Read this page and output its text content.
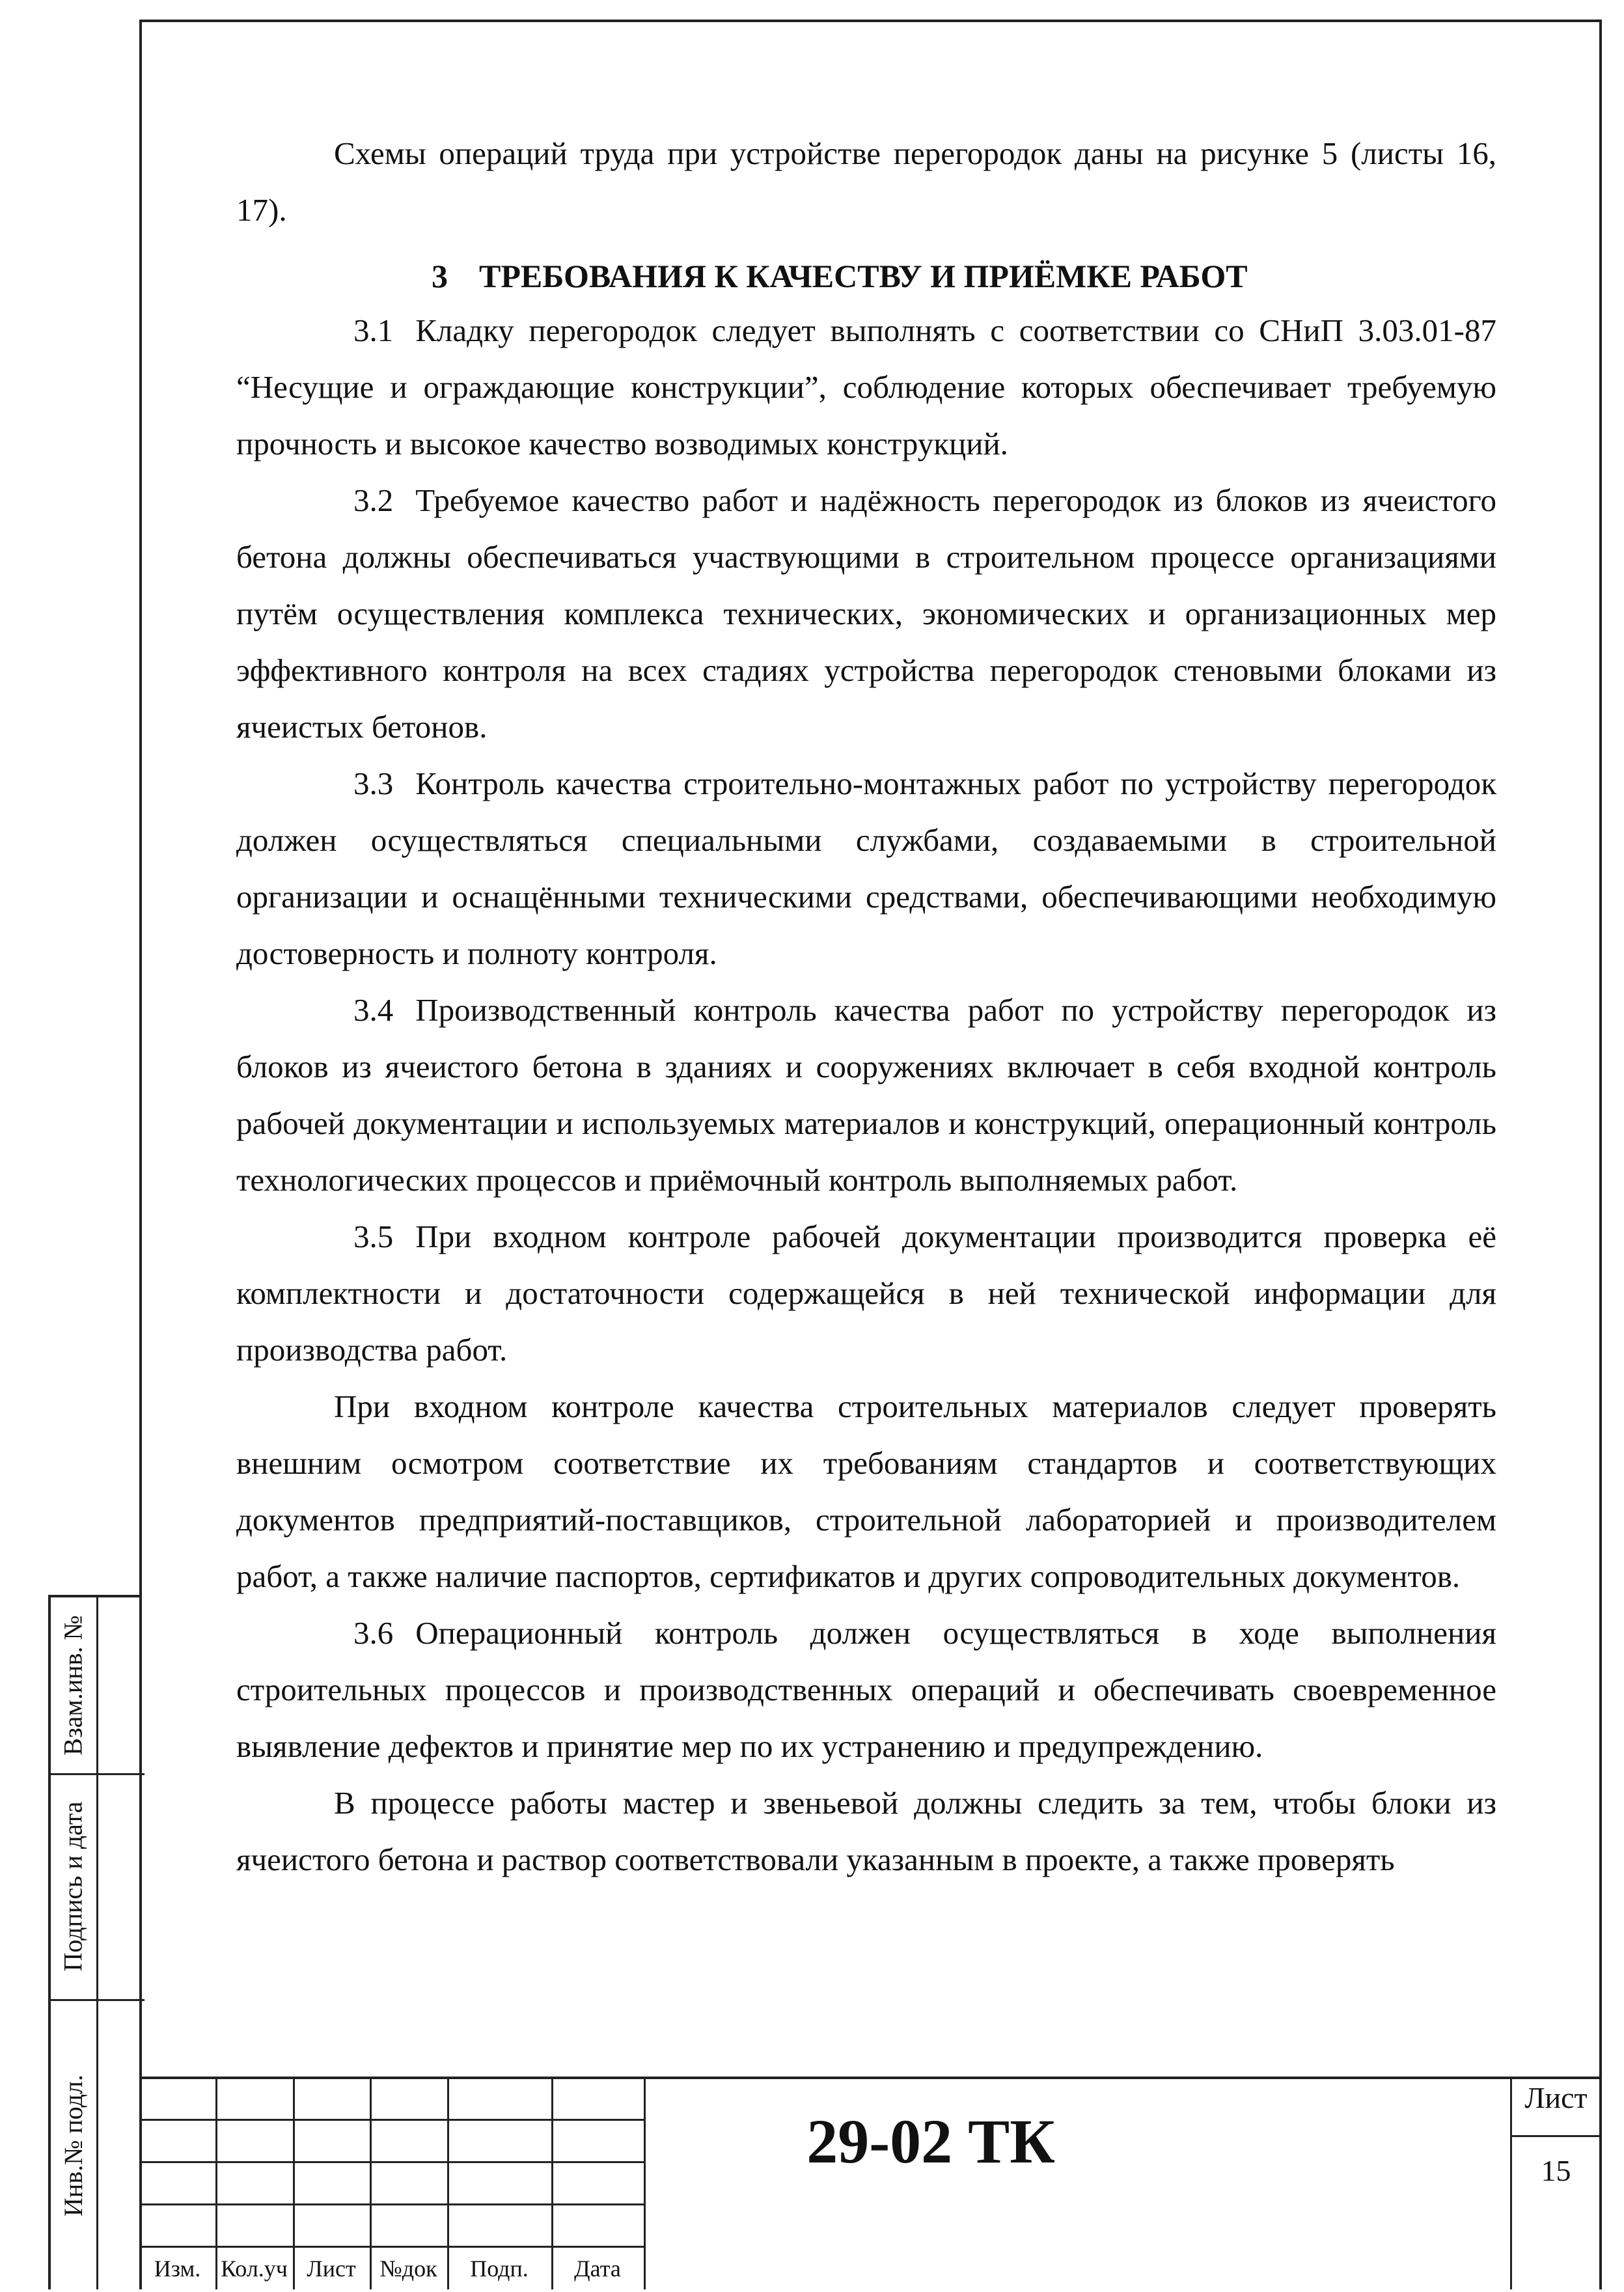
Схемы операций труда при устройстве перегородок даны на рисунке 5 (листы 16, 17).

3 ТРЕБОВАНИЯ К КАЧЕСТВУ И ПРИЁМКЕ РАБОТ

3.1 Кладку перегородок следует выполнять с соответствии со СНиП 3.03.01-87 “Несущие и ограждающие конструкции”, соблюдение которых обеспечивает требуемую прочность и высокое качество возводимых конструкций.

3.2 Требуемое качество работ и надёжность перегородок из блоков из ячеистого бетона должны обеспечиваться участвующими в строительном процессе организациями путём осуществления комплекса технических, экономических и организационных мер эффективного контроля на всех стадиях устройства перегородок стеновыми блоками из ячеистых бетонов.

3.3 Контроль качества строительно-монтажных работ по устройству перегородок должен осуществляться специальными службами, создаваемыми в строительной организации и оснащёнными техническими средствами, обеспечивающими необходимую достоверность и полноту контроля.

3.4 Производственный контроль качества работ по устройству перегородок из блоков из ячеистого бетона в зданиях и сооружениях включает в себя входной контроль рабочей документации и используемых материалов и конструкций, операционный контроль технологических процессов и приёмочный контроль выполняемых работ.

3.5 При входном контроле рабочей документации производится проверка её комплектности и достаточности содержащейся в ней технической информации для производства работ.

При входном контроле качества строительных материалов следует проверять внешним осмотром соответствие их требованиям стандартов и соответствующих документов предприятий-поставщиков, строительной лабораторией и производителем работ, а также наличие паспортов, сертификатов и других сопроводительных документов.

3.6 Операционный контроль должен осуществляться в ходе выполнения строительных процессов и производственных операций и обеспечивать своевременное выявление дефектов и принятие мер по их устранению и предупреждению.

В процессе работы мастер и звеньевой должны следить за тем, чтобы блоки из ячеистого бетона и раствор соответствовали указанным в проекте, а также проверять

Взам.инв. №
Подпись и дата
Инв.№ подл.
Изм. Кол.уч Лист	№док	Подп.	Дата
29-02 ТК
Лист
15
